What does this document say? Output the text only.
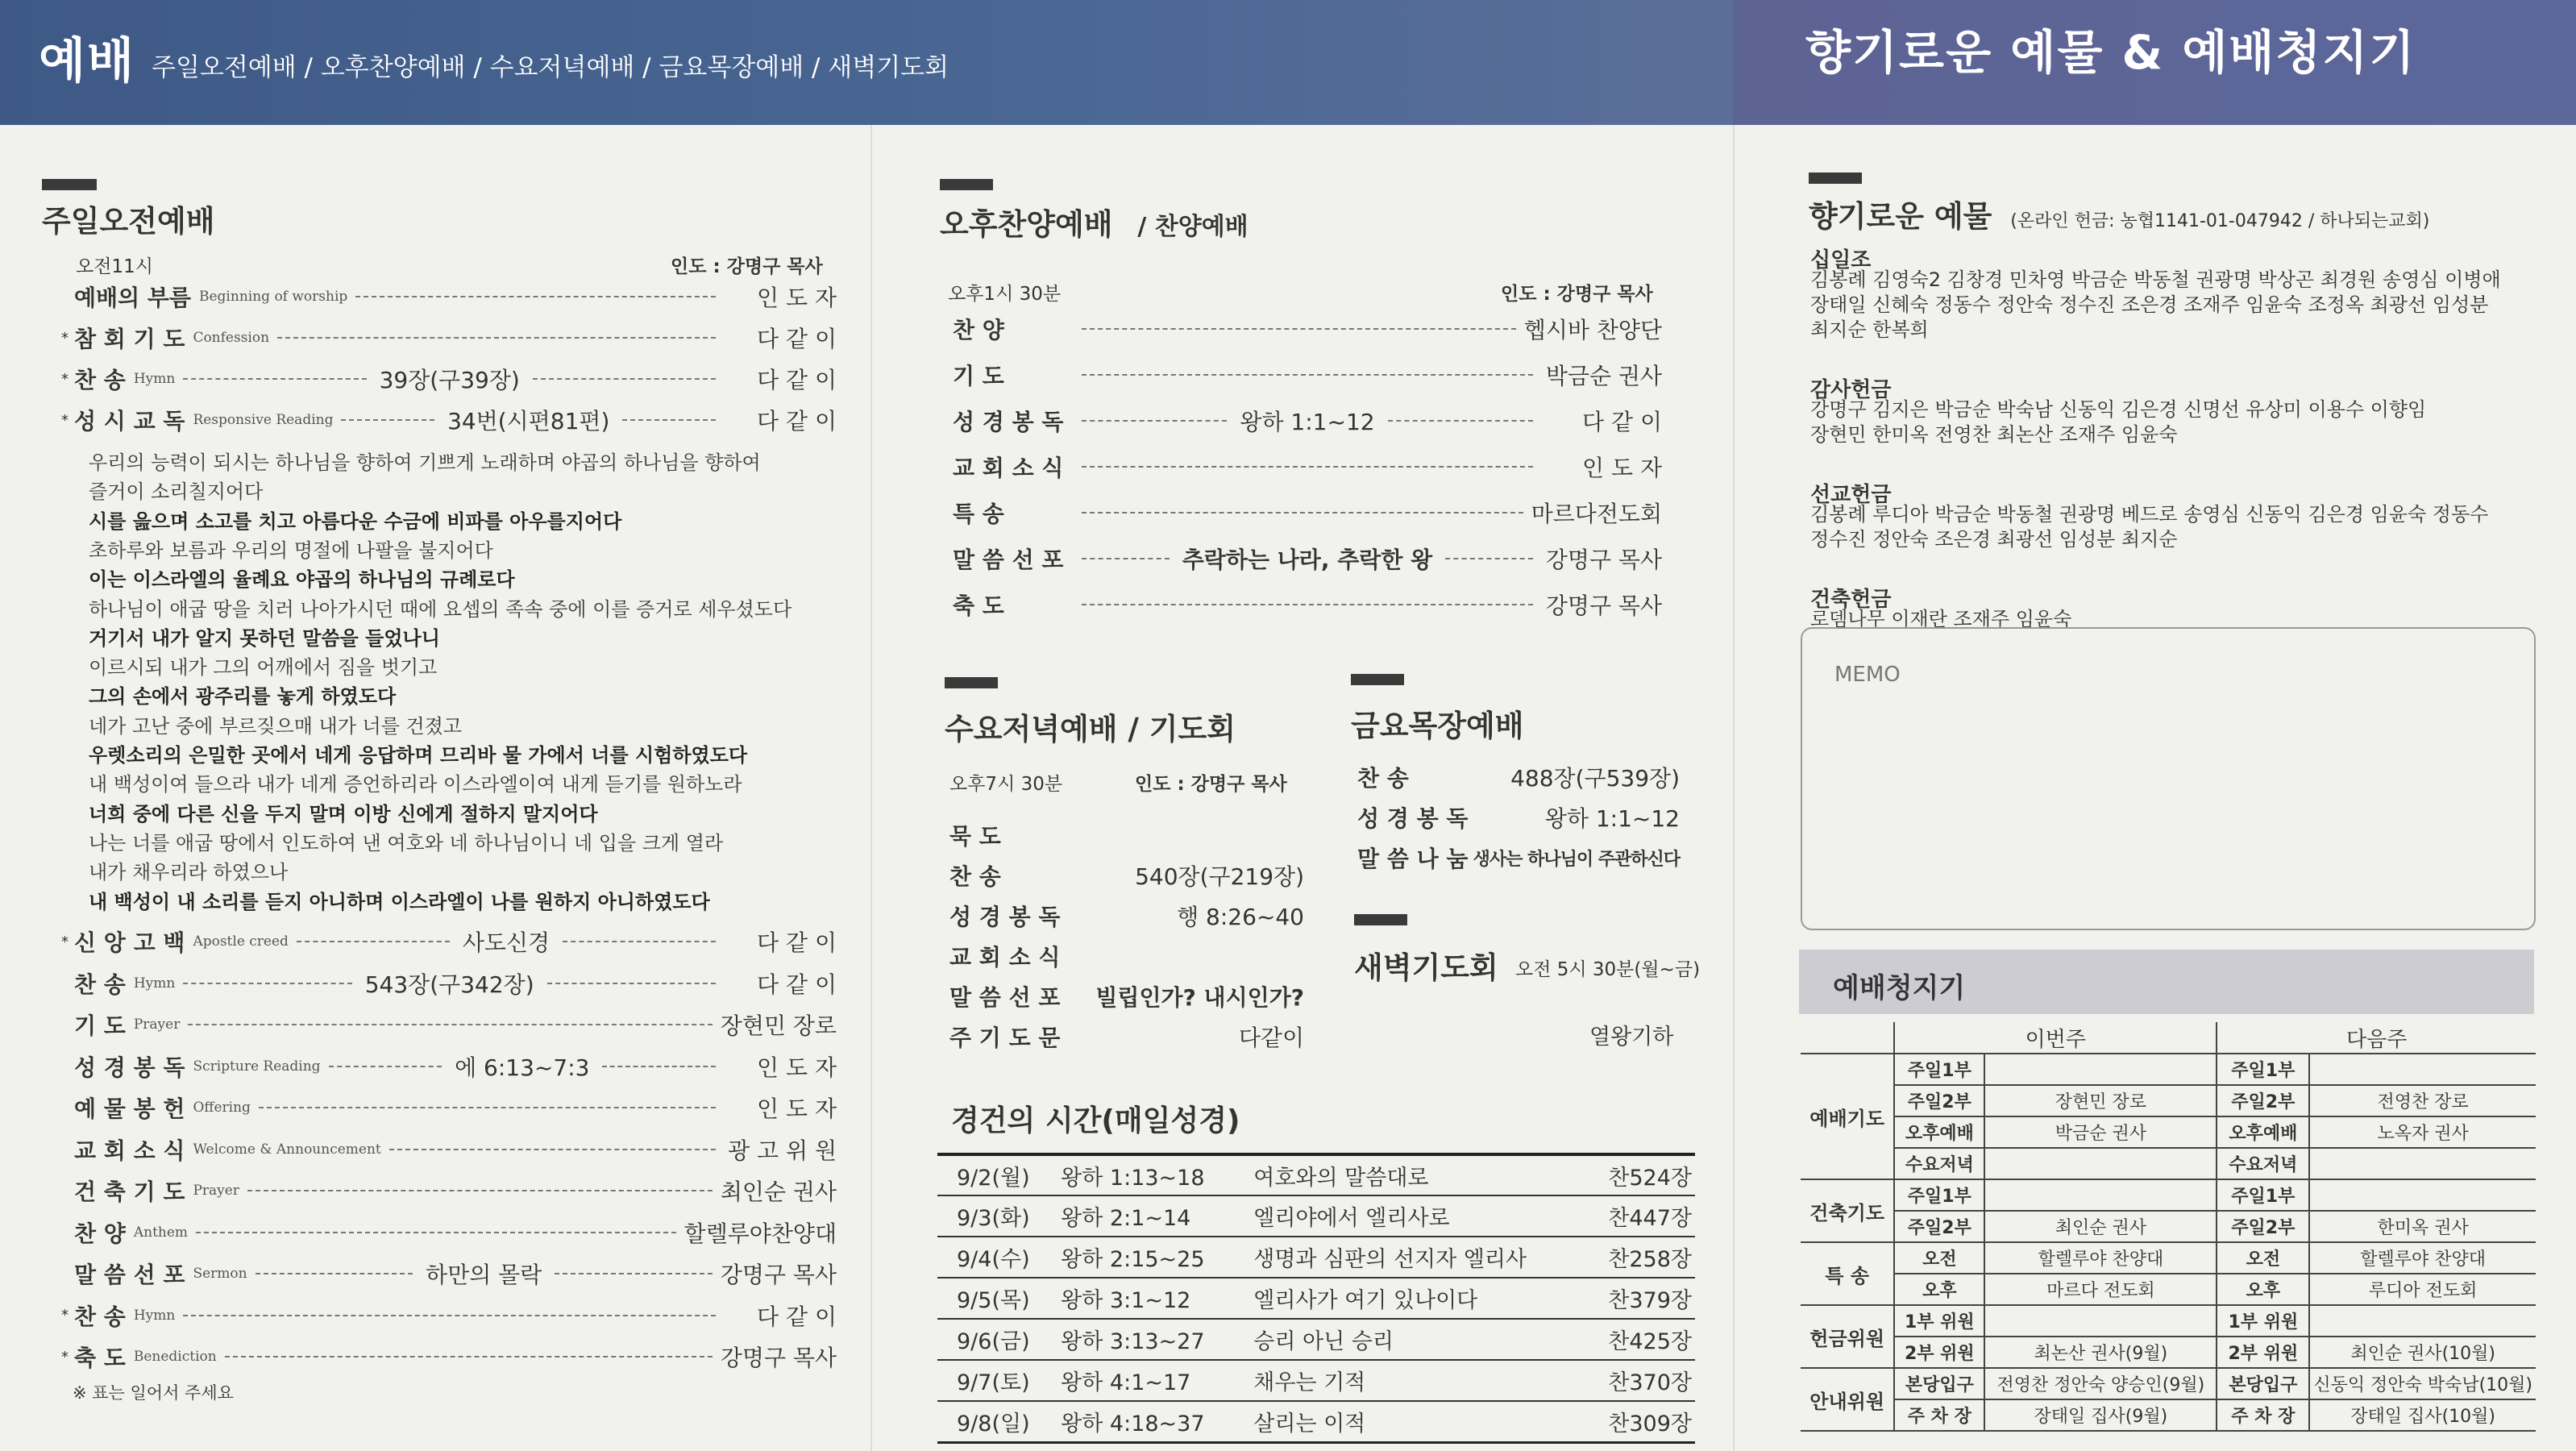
예배 주일오전예배 / 오후찬양예배 / 수요저녁예배 / 금요목장예배 / 새벽기도회	향기로운 예물 & 예배청지기
주일오전예배
오전11시	인도 : 강명구 목사
예배의 부름 Beginning of worship	인 도 자
* 참 회 기 도 Confession	다 같 이
* 찬 송 Hymn	39장(구39장)	다 같 이
* 성 시 교 독 Responsive Reading	34번(시편81편)	다 같 이
우리의 능력이 되시는 하나님을 향하여 기쁘게 노래하며 야곱의 하나님을 향하여
즐거이 소리칠지어다
시를 읊으며 소고를 치고 아름다운 수금에 비파를 아우를지어다
초하루와 보름과 우리의 명절에 나팔을 불지어다
이는 이스라엘의 율례요 야곱의 하나님의 규례로다
하나님이 애굽 땅을 치러 나아가시던 때에 요셉의 족속 중에 이를 증거로 세우셨도다
거기서 내가 알지 못하던 말씀을 들었나니
이르시되 내가 그의 어깨에서 짐을 벗기고
그의 손에서 광주리를 놓게 하였도다
네가 고난 중에 부르짖으매 내가 너를 건졌고
우렛소리의 은밀한 곳에서 네게 응답하며 므리바 물 가에서 너를 시험하였도다
내 백성이여 들으라 내가 네게 증언하리라 이스라엘이여 내게 듣기를 원하노라
너희 중에 다른 신을 두지 말며 이방 신에게 절하지 말지어다
나는 너를 애굽 땅에서 인도하여 낸 여호와 네 하나님이니 네 입을 크게 열라
내가 채우리라 하였으나
내 백성이 내 소리를 듣지 아니하며 이스라엘이 나를 원하지 아니하였도다
* 신 앙 고 백 Apostle creed	사도신경	다 같 이
찬 송 Hymn	543장(구342장)	다 같 이
기 도 Prayer	장현민 장로
성 경 봉 독 Scripture Reading	에 6:13~7:3	인 도 자
예 물 봉 헌 Offering	인 도 자
교 회 소 식 Welcome & Announcement	광 고 위 원
건 축 기 도 Prayer	최인순 권사
찬 양 Anthem	할렐루야찬양대
말 씀 선 포 Sermon	하만의 몰락	강명구 목사
* 찬 송 Hymn	다 같 이
* 축 도 Benediction	강명구 목사
※ 표는 일어서 주세요
오후찬양예배 / 찬양예배
오후1시 30분	인도 : 강명구 목사
찬 양	헵시바 찬양단
기 도	박금순 권사
성 경 봉 독	왕하 1:1~12	다 같 이
교 회 소 식	인 도 자
특 송	마르다전도회
말 씀 선 포	추락하는 나라, 추락한 왕	강명구 목사
축 도	강명구 목사
수요저녁예배 / 기도회
오후7시 30분	인도 : 강명구 목사
묵 도
찬 송	540장(구219장)
성 경 봉 독	행 8:26~40
교 회 소 식
말 씀 선 포	빌립인가? 내시인가?
주 기 도 문	다같이
금요목장예배
찬 송	488장(구539장)
성 경 봉 독	왕하 1:1~12
말 씀 나 눔 생사는 하나님이 주관하신다
새벽기도회 오전 5시 30분(월~금)
열왕기하
경건의 시간(매일성경)
9/2(월)	왕하 1:13~18	여호와의 말씀대로	찬524장
9/3(화)	왕하 2:1~14	엘리야에서 엘리사로	찬447장
9/4(수)	왕하 2:15~25	생명과 심판의 선지자 엘리사	찬258장
9/5(목)	왕하 3:1~12	엘리사가 여기 있나이다	찬379장
9/6(금)	왕하 3:13~27	승리 아닌 승리	찬425장
9/7(토)	왕하 4:1~17	채우는 기적	찬370장
9/8(일)	왕하 4:18~37	살리는 이적	찬309장
향기로운 예물 (온라인 헌금: 농협1141-01-047942 / 하나되는교회)
십일조
김봉례 김영숙2 김창경 민차영 박금순 박동철 권광명 박상곤 최경원 송영심 이병애
장태일 신혜숙 정동수 정안숙 정수진 조은경 조재주 임윤숙 조정옥 최광선 임성분
최지순 한복희
감사헌금
강명구 김지은 박금순 박숙남 신동익 김은경 신명선 유상미 이용수 이향임
장현민 한미옥 전영찬 최논산 조재주 임윤숙
선교헌금
김봉례 루디아 박금순 박동철 권광명 베드로 송영심 신동익 김은경 임윤숙 정동수
정수진 정안숙 조은경 최광선 임성분 최지순
건축헌금
로뎀나무 이재란 조재주 임윤숙
MEMO
예배청지기
	이번주		다음주	
예배기도	주일1부		주일1부	
	주일2부	장현민 장로	주일2부	전영찬 장로
	오후예배	박금순 권사	오후예배	노옥자 권사
	수요저녁		수요저녁	
건축기도	주일1부		주일1부	
	주일2부	최인순 권사	주일2부	한미옥 권사
특 송	오전	할렐루야 찬양대	오전	할렐루야 찬양대
	오후	마르다 전도회	오후	루디아 전도회
헌금위원	1부 위원		1부 위원	
	2부 위원	최논산 권사(9월)	2부 위원	최인순 권사(10월)
안내위원	본당입구	전영찬 정안숙 양승인(9월)	본당입구	신동익 정안숙 박숙남(10월)
	주 차 장	장태일 집사(9월)	주 차 장	장태일 집사(10월)
